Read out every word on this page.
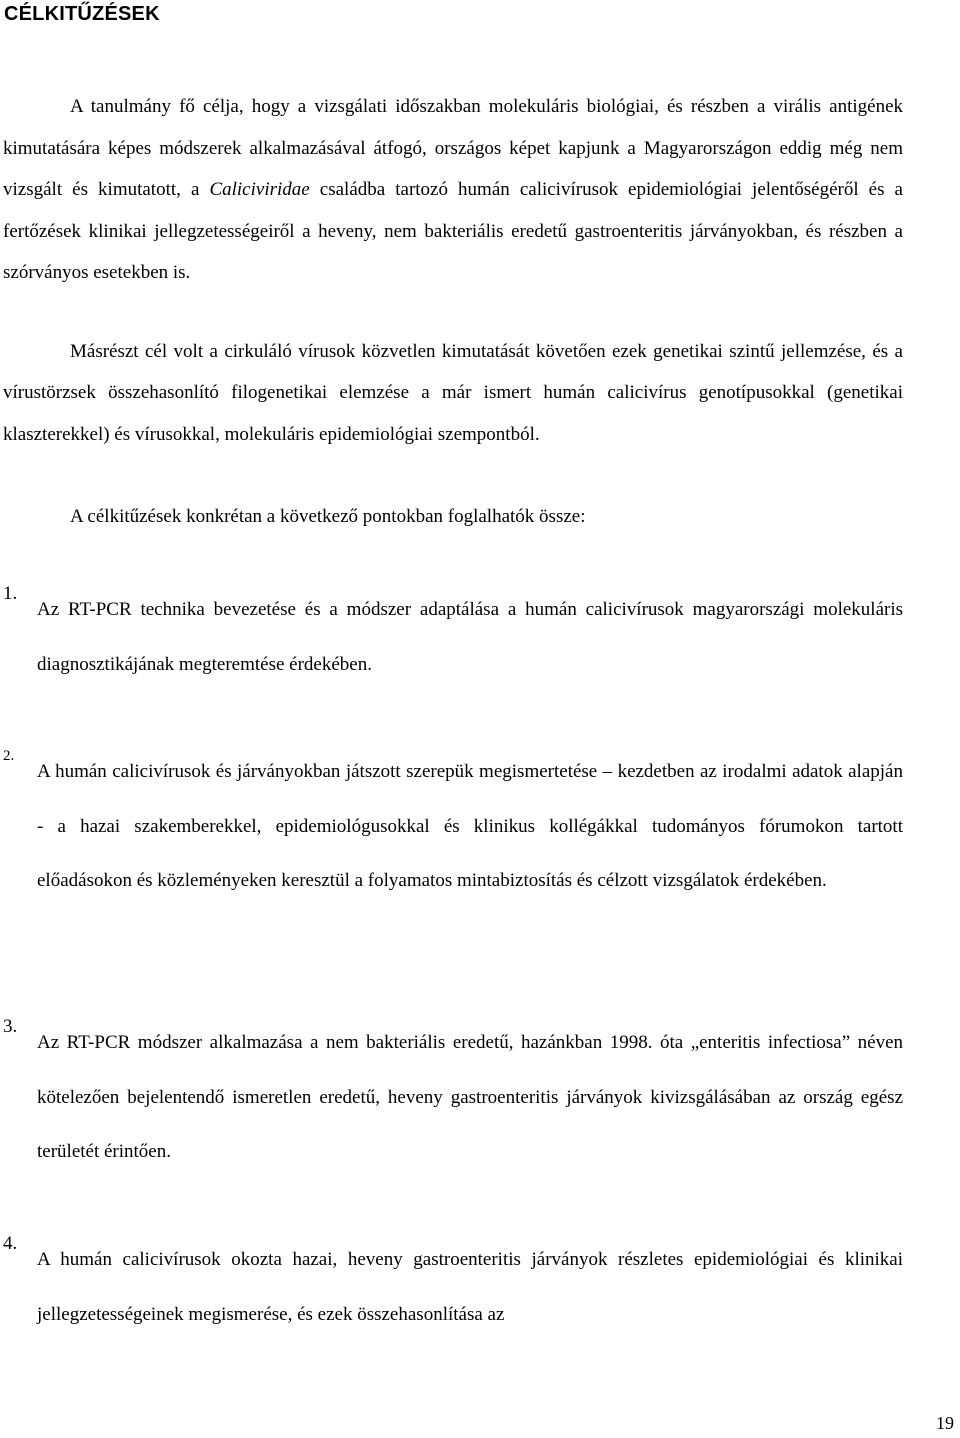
CÉLKITŰZÉSEK

A tanulmány fő célja, hogy a vizsgálati időszakban molekuláris biológiai, és részben a virális antigének kimutatására képes módszerek alkalmazásával átfogó, országos képet kapjunk a Magyarországon eddig még nem vizsgált és kimutatott, a Caliciviridae családba tartozó humán calicivírusok epidemiológiai jelentőségéről és a fertőzések klinikai jellegzetességeiről a heveny, nem bakteriális eredetű gastroenteritis járványokban, és részben a szórványos esetekben is.

Másrészt cél volt a cirkuláló vírusok közvetlen kimutatását követően ezek genetikai szintű jellemzése, és a vírustörzsek összehasonlító filogenetikai elemzése a már ismert humán calicivírus genotípusokkal (genetikai klaszterekkel) és vírusokkal, molekuláris epidemiológiai szempontból.

A célkitűzések konkrétan a következő pontokban foglalhatók össze:
1.

Az RT-PCR technika bevezetése és a módszer adaptálása a humán calicivírusok magyarországi molekuláris diagnosztikájának megteremtése érdekében.

2.

A humán calicivírusok és járványokban játszott szerepük megismertetése – kezdetben az irodalmi adatok alapján - a hazai szakemberekkel, epidemiológusokkal és klinikus kollégákkal tudományos fórumokon tartott előadásokon és közleményeken keresztül a folyamatos mintabiztosítás és célzott vizsgálatok érdekében.

3.

Az RT-PCR módszer alkalmazása a nem bakteriális eredetű, hazánkban 1998. óta „enteritis infectiosa” néven kötelezően bejelentendő ismeretlen eredetű, heveny gastroenteritis járványok kivizsgálásában az ország egész területét érintően.

4.

A humán calicivírusok okozta hazai, heveny gastroenteritis járványok részletes epidemiológiai és klinikai jellegzetességeinek megismerése, és ezek összehasonlítása az

19
